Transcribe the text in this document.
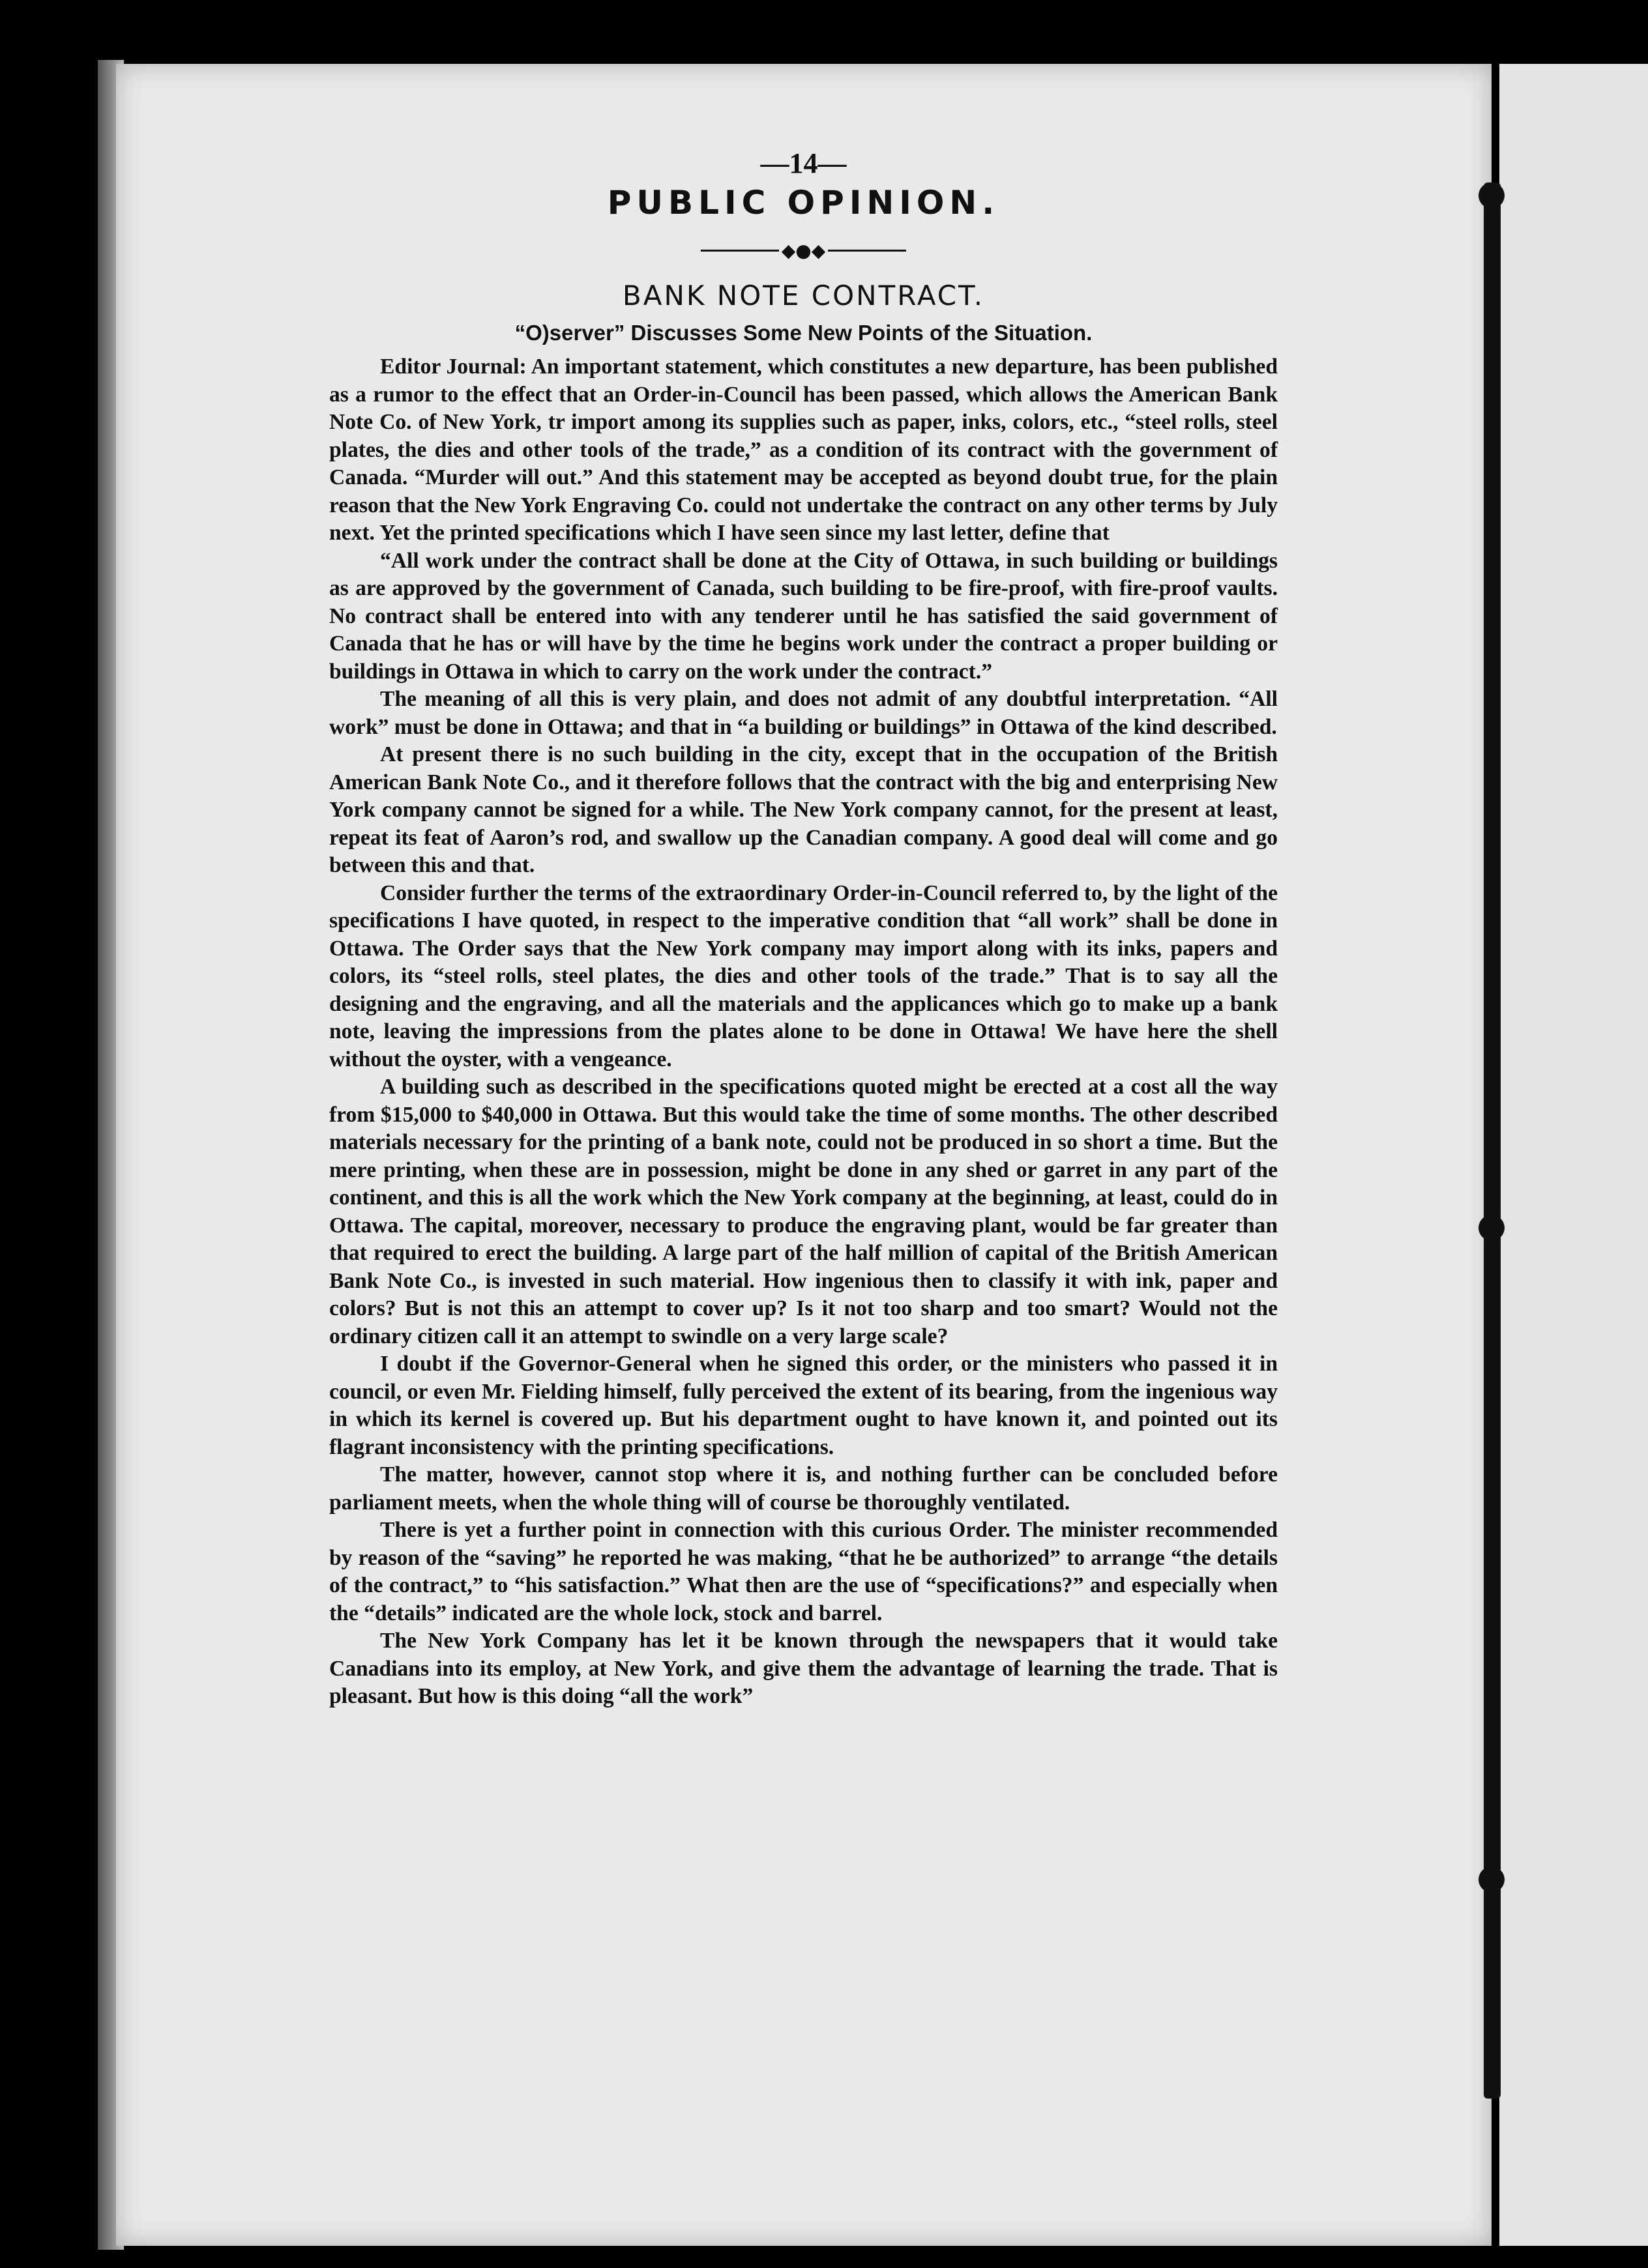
—14—
PUBLIC OPINION.
◆●◆
BANK NOTE CONTRACT.
“O)server” Discusses Some New Points of the Situation.

Editor Journal: An important statement, which constitutes a new departure, has been published as a rumor to the effect that an Order-in-Council has been passed, which allows the American Bank Note Co. of New York, tr import among its supplies such as paper, inks, colors, etc., “steel rolls, steel plates, the dies and other tools of the trade,” as a condition of its contract with the government of Canada. “Murder will out.” And this statement may be accepted as beyond doubt true, for the plain reason that the New York Engraving Co. could not undertake the contract on any other terms by July next. Yet the printed specifications which I have seen since my last letter, define that

“All work under the contract shall be done at the City of Ottawa, in such building or buildings as are approved by the government of Canada, such building to be fire-proof, with fire-proof vaults. No contract shall be entered into with any tenderer until he has satisfied the said government of Canada that he has or will have by the time he begins work under the contract a proper building or buildings in Ottawa in which to carry on the work under the contract.”

The meaning of all this is very plain, and does not admit of any doubtful interpretation. “All work” must be done in Ottawa; and that in “a building or buildings” in Ottawa of the kind described.

At present there is no such building in the city, except that in the occupation of the British American Bank Note Co., and it therefore follows that the contract with the big and enterprising New York company cannot be signed for a while. The New York company cannot, for the present at least, repeat its feat of Aaron’s rod, and swallow up the Canadian company. A good deal will come and go between this and that.

Consider further the terms of the extraordinary Order-in-Council referred to, by the light of the specifications I have quoted, in respect to the imperative condition that “all work” shall be done in Ottawa. The Order says that the New York company may import along with its inks, papers and colors, its “steel rolls, steel plates, the dies and other tools of the trade.” That is to say all the designing and the engraving, and all the materials and the applicances which go to make up a bank note, leaving the impressions from the plates alone to be done in Ottawa! We have here the shell without the oyster, with a vengeance.

A building such as described in the specifications quoted might be erected at a cost all the way from $15,000 to $40,000 in Ottawa. But this would take the time of some months. The other described materials necessary for the printing of a bank note, could not be produced in so short a time. But the mere printing, when these are in possession, might be done in any shed or garret in any part of the continent, and this is all the work which the New York company at the beginning, at least, could do in Ottawa. The capital, moreover, necessary to produce the engraving plant, would be far greater than that required to erect the building. A large part of the half million of capital of the British American Bank Note Co., is invested in such material. How ingenious then to classify it with ink, paper and colors? But is not this an attempt to cover up? Is it not too sharp and too smart? Would not the ordinary citizen call it an attempt to swindle on a very large scale?

I doubt if the Governor-General when he signed this order, or the ministers who passed it in council, or even Mr. Fielding himself, fully perceived the extent of its bearing, from the ingenious way in which its kernel is covered up. But his department ought to have known it, and pointed out its flagrant inconsistency with the printing specifications.

The matter, however, cannot stop where it is, and nothing further can be concluded before parliament meets, when the whole thing will of course be thoroughly ventilated.

There is yet a further point in connection with this curious Order. The minister recommended by reason of the “saving” he reported he was making, “that he be authorized” to arrange “the details of the contract,” to “his satisfaction.” What then are the use of “specifications?” and especially when the “details” indicated are the whole lock, stock and barrel.

The New York Company has let it be known through the newspapers that it would take Canadians into its employ, at New York, and give them the advantage of learning the trade. That is pleasant. But how is this doing “all the work”
